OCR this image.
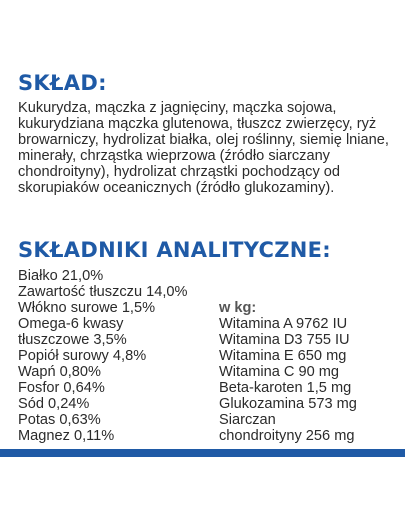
SKŁAD:

Kukurydza, mączka z jagnięciny, mączka sojowa, kukurydziana mączka glutenowa, tłuszcz zwierzęcy, ryż browarniczy, hydrolizat białka, olej roślinny, siemię lniane, minerały, chrząstka wieprzowa (źródło siarczany chondroityny), hydrolizat chrząstki pochodzący od skorupiaków oceanicznych (źródło glukozaminy).

SKŁADNIKI ANALITYCZNE:
Białko 21,0%
Zawartość tłuszczu 14,0%
Włókno surowe 1,5%
Omega-6 kwasy
tłuszczowe 3,5%
Popiół surowy 4,8%
Wapń 0,80%
Fosfor 0,64%
Sód 0,24%
Potas 0,63%
Magnez 0,11%
w kg:
Witamina A 9762 IU
Witamina D3 755 IU
Witamina E 650 mg
Witamina C 90 mg
Beta-karoten 1,5 mg
Glukozamina 573 mg
Siarczan
chondroityny 256 mg
